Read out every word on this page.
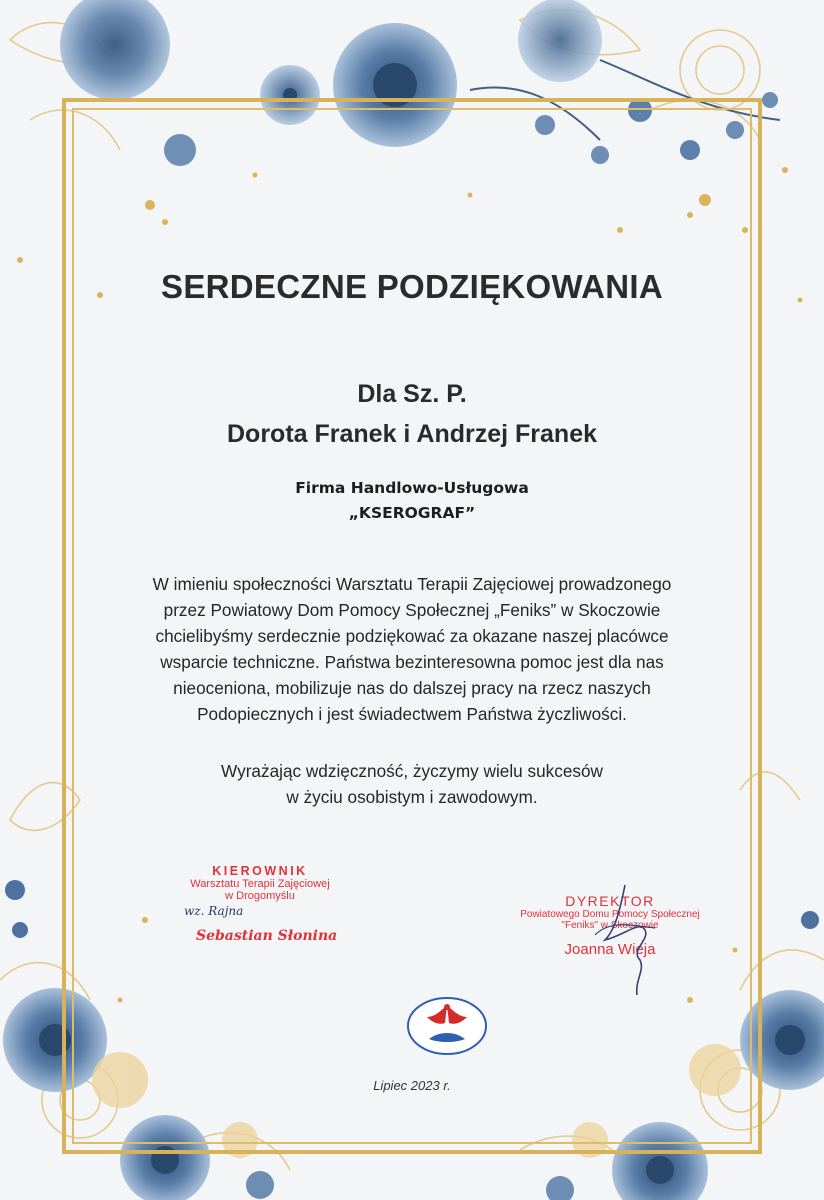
SERDECZNE PODZIĘKOWANIA
Dla Sz. P.
Dorota Franek i Andrzej Franek
Firma Handlowo-Usługowa
„KSEROGRAF”
W imieniu społeczności Warsztatu Terapii Zajęciowej prowadzonego
przez Powiatowy Dom Pomocy Społecznej „Feniks” w Skoczowie
chcielibyśmy serdecznie podziękować za okazane naszej placówce
wsparcie techniczne. Państwa bezinteresowna pomoc jest dla nas
nieoceniona, mobilizuje nas do dalszej pracy na rzecz naszych
Podopiecznych i jest świadectwem Państwa życzliwości.
Wyrażając wdzięczność, życzymy wielu sukcesów
w życiu osobistym i zawodowym.
KIEROWNIK
Warsztatu Terapii Zajęciowej
w Drogomyślu
wz. Rajna
Sebastian Słonina
DYREKTOR
Powiatowego Domu Pomocy Społecznej
"Feniks" w Skoczowie
Joanna Wieja
Lipiec 2023 r.
